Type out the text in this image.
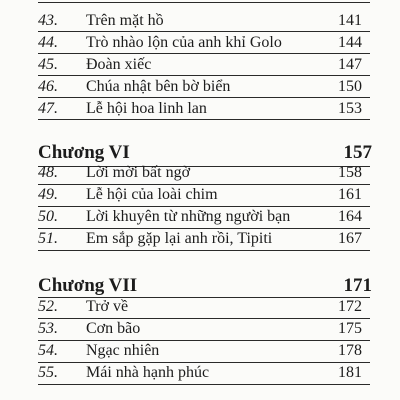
43. Trên mặt hồ	141
44. Trò nhào lộn của anh khỉ Golo	144
45. Đoàn xiếc	147
46. Chúa nhật bên bờ biển	150
47. Lễ hội hoa linh lan	153
Chương VI	157
48. Lời mời bất ngờ	158
49. Lễ hội của loài chim	161
50. Lời khuyên từ những người bạn	164
51. Em sắp gặp lại anh rồi, Tipiti	167
Chương VII	171
52. Trở về	172
53. Cơn bão	175
54. Ngạc nhiên	178
55. Mái nhà hạnh phúc	181
